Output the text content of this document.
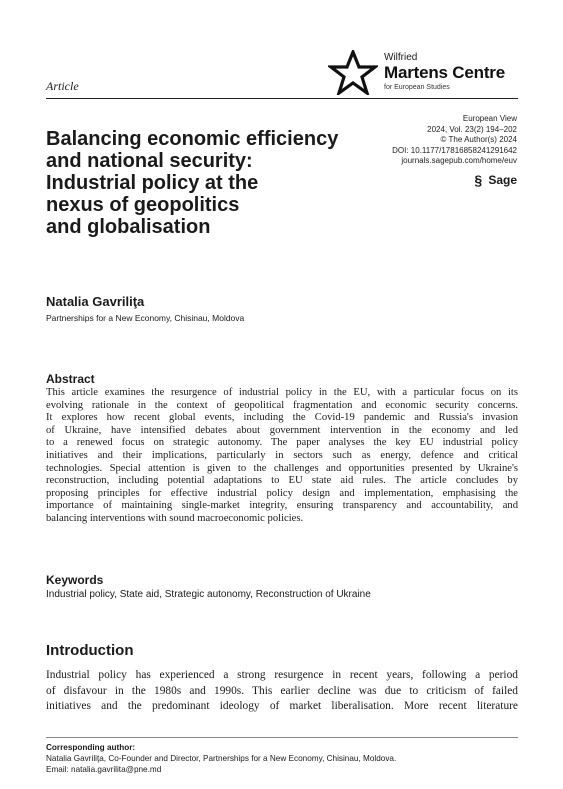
Article
Wilfried
Martens Centre
for European Studies
European View
2024, Vol. 23(2) 194–202
© The Author(s) 2024
DOI: 10.1177/17816858241291642
journals.sagepub.com/home/euv
§ Sage
Balancing economic efficiency
and national security:
Industrial policy at the
nexus of geopolitics
and globalisation
Natalia Gavriliţa
Partnerships for a New Economy, Chisinau, Moldova
Abstract
This article examines the resurgence of industrial policy in the EU, with a particular focus on its
evolving rationale in the context of geopolitical fragmentation and economic security concerns.
It explores how recent global events, including the Covid-19 pandemic and Russia's invasion
of Ukraine, have intensified debates about government intervention in the economy and led
to a renewed focus on strategic autonomy. The paper analyses the key EU industrial policy
initiatives and their implications, particularly in sectors such as energy, defence and critical
technologies. Special attention is given to the challenges and opportunities presented by Ukraine's
reconstruction, including potential adaptations to EU state aid rules. The article concludes by
proposing principles for effective industrial policy design and implementation, emphasising the
importance of maintaining single-market integrity, ensuring transparency and accountability, and
balancing interventions with sound macroeconomic policies.
Keywords
Industrial policy, State aid, Strategic autonomy, Reconstruction of Ukraine
Introduction
Industrial policy has experienced a strong resurgence in recent years, following a period
of disfavour in the 1980s and 1990s. This earlier decline was due to criticism of failed
initiatives and the predominant ideology of market liberalisation. More recent literature
Corresponding author:
Natalia Gavriliţa, Co-Founder and Director, Partnerships for a New Economy, Chisinau, Moldova.
Email: natalia.gavrilita@pne.md
